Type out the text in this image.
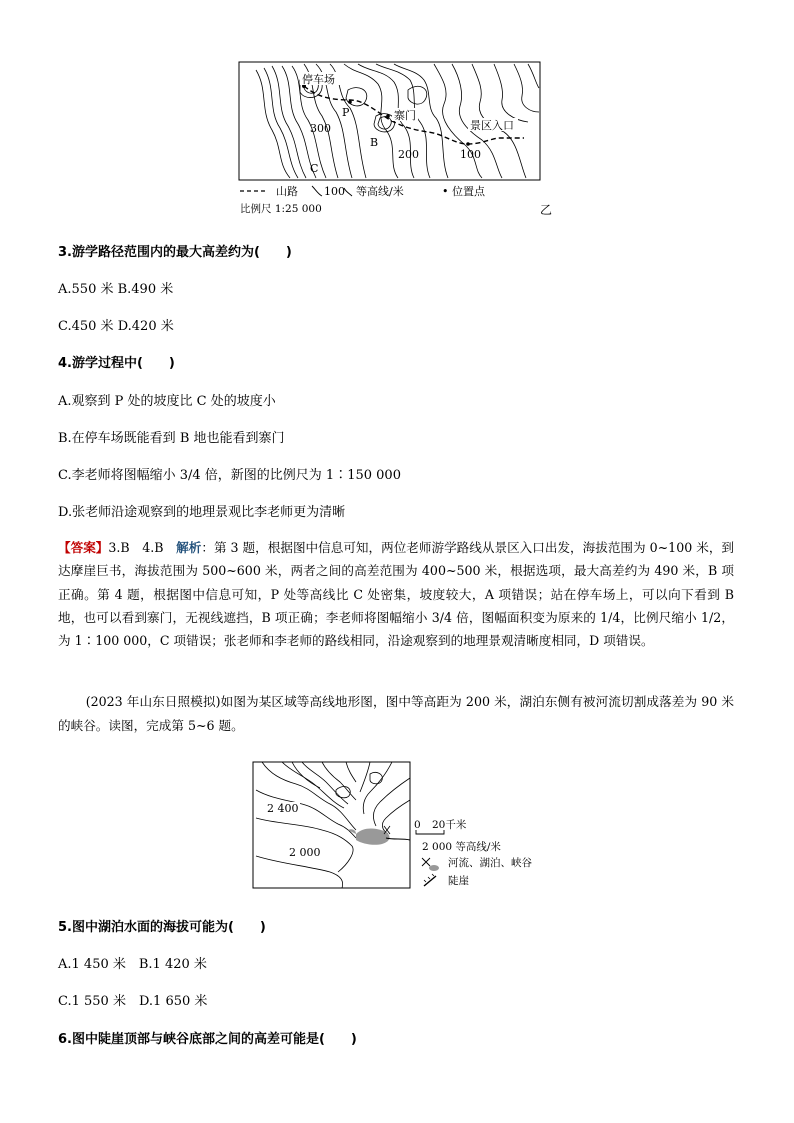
停车场
寨门
景区入口
300
200	100
B
C
P
山路 100 等高线/米	• 位置点
比例尺 1:25 000	乙
3.游学路径范围内的最大高差约为(　　)
A.550 米 B.490 米
C.450 米 D.420 米
4.游学过程中(　　)
A.观察到 P 处的坡度比 C 处的坡度小
B.在停车场既能看到 B 地也能看到寨门
C.李老师将图幅缩小 3/4 倍，新图的比例尺为 1∶150 000
D.张老师沿途观察到的地理景观比李老师更为清晰
【答案】3.B　4.B　解析：第 3 题，根据图中信息可知，两位老师游学路线从景区入口出发，海拔范围为 0~100 米，到达摩崖巨书，海拔范围为 500~600 米，两者之间的高差范围为 400~500 米，根据选项，最大高差约为 490 米，B 项正确。第 4 题，根据图中信息可知，P 处等高线比 C 处密集，坡度较大，A 项错误；站在停车场上，可以向下看到 B 地，也可以看到寨门，无视线遮挡，B 项正确；李老师将图幅缩小 3/4 倍，图幅面积变为原来的 1/4，比例尺缩小 1/2，为 1∶100 000，C 项错误；张老师和李老师的路线相同，沿途观察到的地理景观清晰度相同，D 项错误。
(2023 年山东日照模拟)如图为某区域等高线地形图，图中等高距为 200 米，湖泊东侧有被河流切割成落差为 90 米的峡谷。读图，完成第 5~6 题。
2 400
2 000
0 20千米
2 000 等高线/米
河流、湖泊、峡谷
陡崖
5.图中湖泊水面的海拔可能为(　　)
A.1 450 米　B.1 420 米
C.1 550 米　D.1 650 米
6.图中陡崖顶部与峡谷底部之间的高差可能是(　　)
